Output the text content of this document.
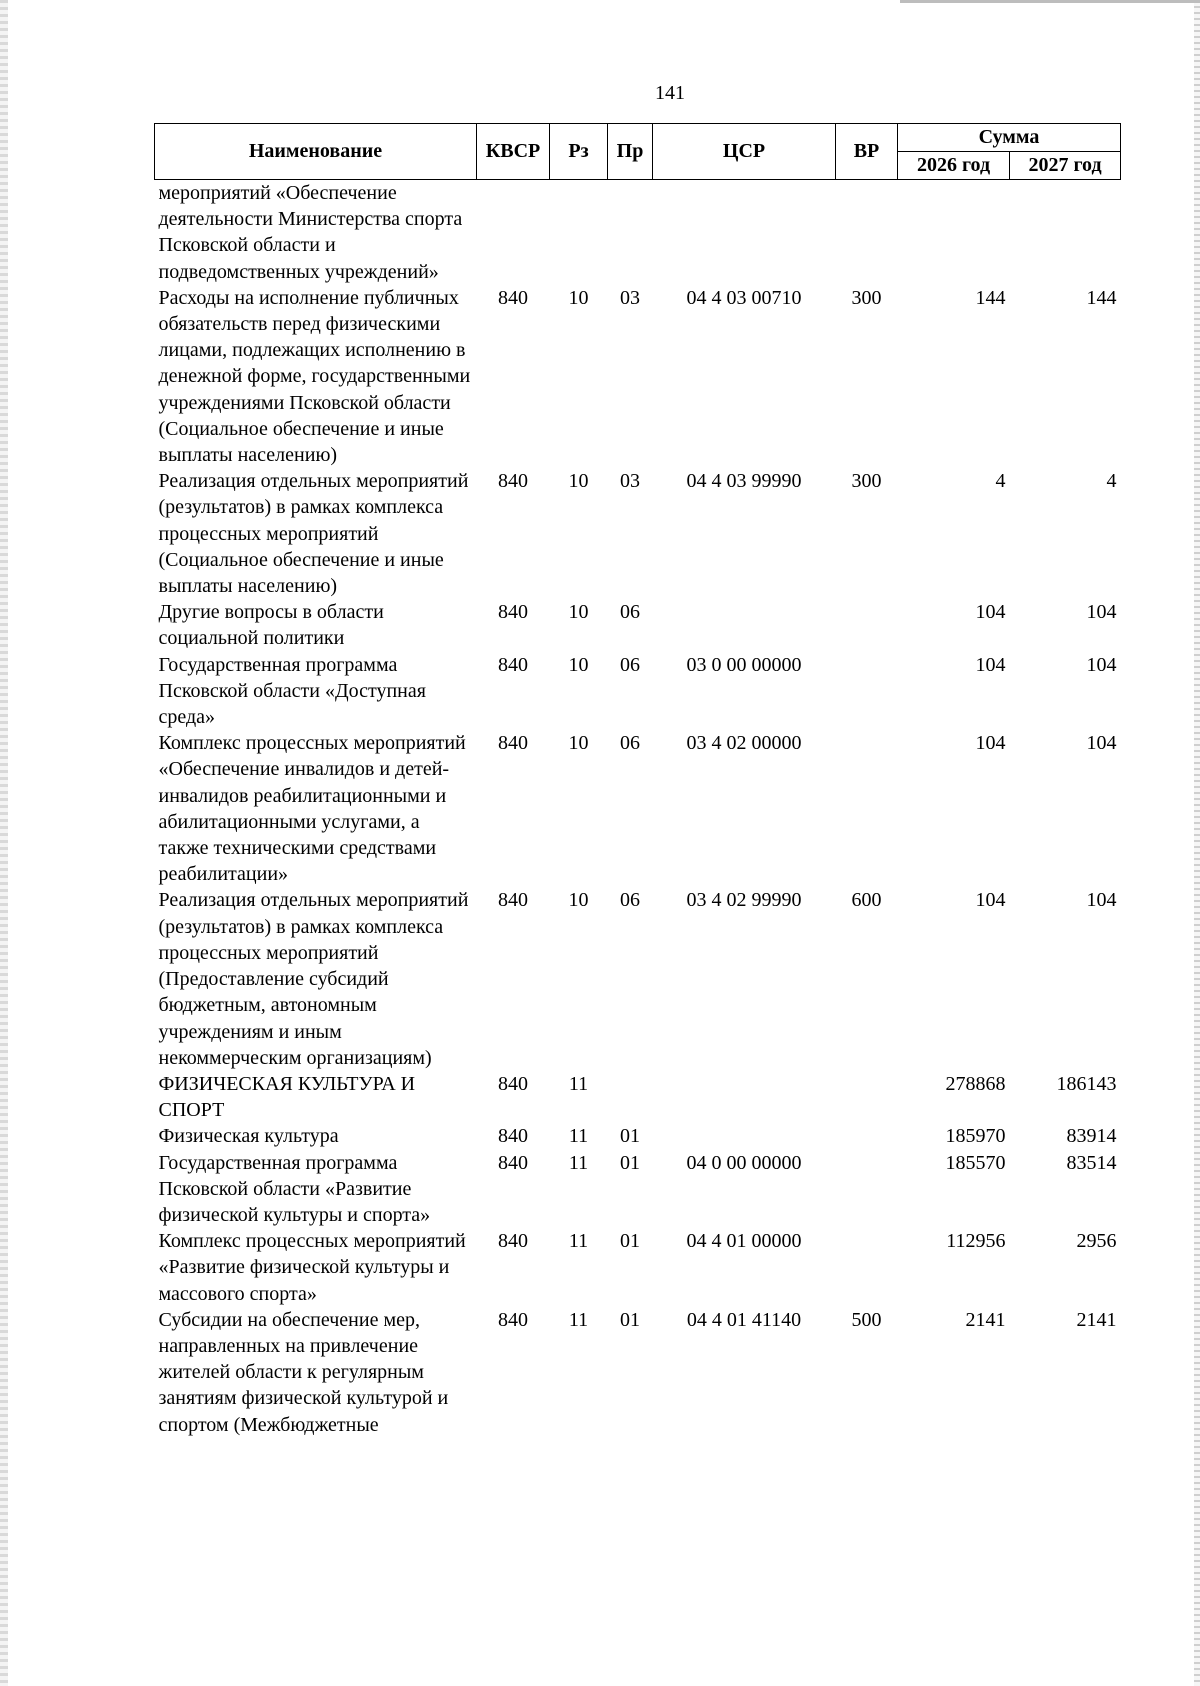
141
Наименование	КВСР	Рз	Пр	ЦСР	ВР	Сумма	
						2026 год	2027 год
мероприятий «Обеспечение деятельности Министерства спорта Псковской области и подведомственных учреждений»							
Расходы на исполнение публичных обязательств перед физическими лицами, подлежащих исполнению в денежной форме, государственными учреждениями Псковской области (Социальное обеспечение и иные выплаты населению)	840	10	03	04 4 03 00710	300	144	144
Реализация отдельных мероприятий (результатов) в рамках комплекса процессных мероприятий (Социальное обеспечение и иные выплаты населению)	840	10	03	04 4 03 99990	300	4	4
Другие вопросы в области социальной политики	840	10	06			104	104
Государственная программа Псковской области «Доступная среда»	840	10	06	03 0 00 00000		104	104
Комплекс процессных мероприятий «Обеспечение инвалидов и детей-инвалидов реабилитационными и абилитационными услугами, а также техническими средствами реабилитации»	840	10	06	03 4 02 00000		104	104
Реализация отдельных мероприятий (результатов) в рамках комплекса процессных мероприятий (Предоставление субсидий бюджетным, автономным учреждениям и иным некоммерческим организациям)	840	10	06	03 4 02 99990	600	104	104
ФИЗИЧЕСКАЯ КУЛЬТУРА И СПОРТ	840	11				278868	186143
Физическая культура	840	11	01			185970	83914
Государственная программа Псковской области «Развитие физической культуры и спорта»	840	11	01	04 0 00 00000		185570	83514
Комплекс процессных мероприятий «Развитие физической культуры и массового спорта»	840	11	01	04 4 01 00000		112956	2956
Субсидии на обеспечение мер, направленных на привлечение жителей области к регулярным занятиям физической культурой и спортом (Межбюджетные	840	11	01	04 4 01 41140	500	2141	2141
